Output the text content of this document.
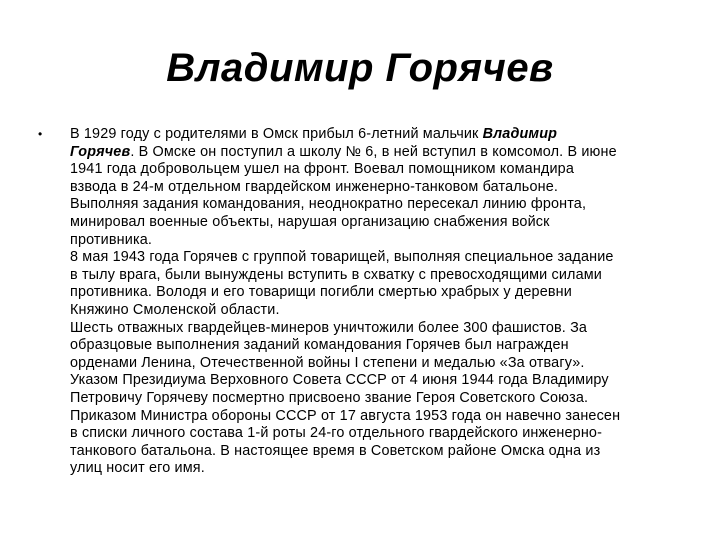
Владимир Горячев
• В 1929 году с родителями в Омск прибыл 6-летний мальчик Владимир
Горячев. В Омске он поступил а школу № 6, в ней вступил в комсомол. В июне
1941 года добровольцем ушел на фронт. Воевал помощником командира
взвода в 24-м отдельном гвардейском инженерно-танковом батальоне.
Выполняя задания командования, неоднократно пересекал линию фронта,
минировал военные объекты, нарушая организацию снабжения войск
противника.
8 мая 1943 года Горячев с группой товарищей, выполняя специальное задание
в тылу врага, были вынуждены вступить в схватку с превосходящими силами
противника. Володя и его товарищи погибли смертью храбрых у деревни
Княжино Смоленской области.
Шесть отважных гвардейцев-минеров уничтожили более 300 фашистов. За
образцовые выполнения заданий командования Горячев был награжден
орденами Ленина, Отечественной войны I степени и медалью «За отвагу».
Указом Президиума Верховного Совета СССР от 4 июня 1944 года Владимиру
Петровичу Горячеву посмертно присвоено звание Героя Советского Союза.
Приказом Министра обороны СССР от 17 августа 1953 года он навечно занесен
в списки личного состава 1-й роты 24-го отдельного гвардейского инженерно-
танкового батальона. В настоящее время в Советском районе Омска одна из
улиц носит его имя.
